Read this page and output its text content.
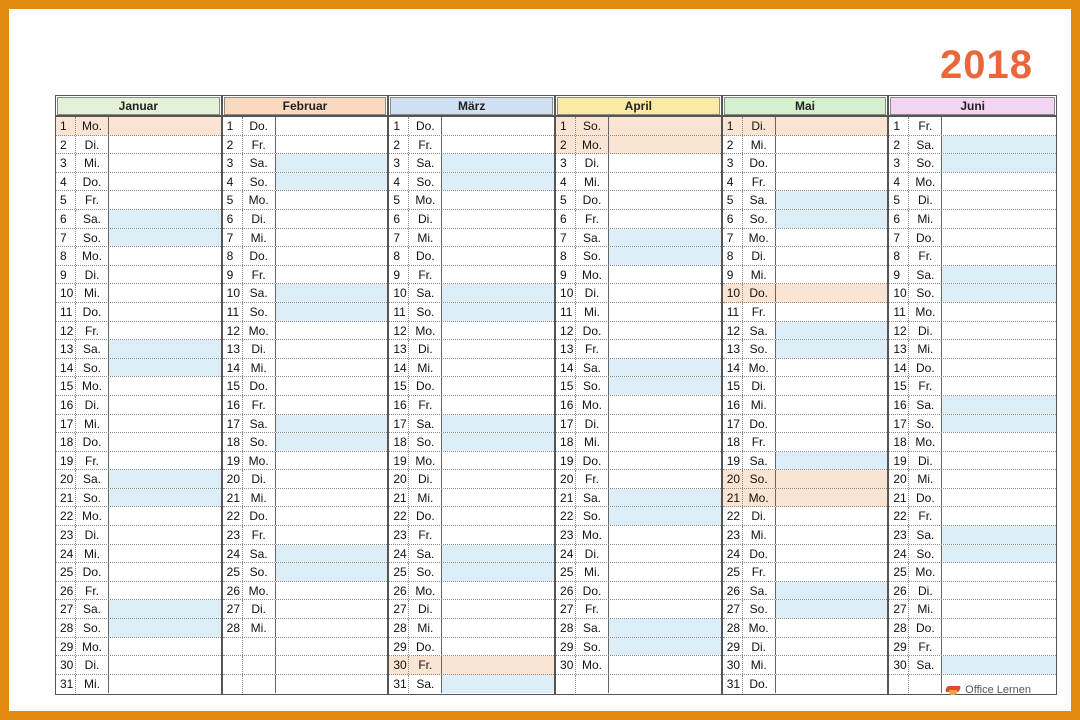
2018
Januar
1	Mo.
2	Di.
3	Mi.
4	Do.
5	Fr.
6	Sa.
7	So.
8	Mo.
9	Di.
10 Mi.
11 Do.
12 Fr.
13 Sa.
14 So.
15 Mo.
16 Di.
17 Mi.
18 Do.
19 Fr.
20 Sa.
21 So.
22 Mo.
23 Di.
24 Mi.
25 Do.
26 Fr.
27 Sa.
28 So.
29 Mo.
30 Di.
31 Mi.
Februar
1	Do.
2	Fr.
3	Sa.
4	So.
5	Mo.
6	Di.
7	Mi.
8	Do.
9	Fr.
10 Sa.
11 So.
12 Mo.
13 Di.
14 Mi.
15 Do.
16 Fr.
17 Sa.
18 So.
19 Mo.
20 Di.
21 Mi.
22 Do.
23 Fr.
24 Sa.
25 So.
26 Mo.
27 Di.
28 Mi.
März
1	Do.
2	Fr.
3	Sa.
4	So.
5	Mo.
6	Di.
7	Mi.
8	Do.
9	Fr.
10 Sa.
11 So.
12 Mo.
13 Di.
14 Mi.
15 Do.
16 Fr.
17 Sa.
18 So.
19 Mo.
20 Di.
21 Mi.
22 Do.
23 Fr.
24 Sa.
25 So.
26 Mo.
27 Di.
28 Mi.
29 Do.
30 Fr.
31 Sa.
April
1	So.
2	Mo.
3	Di.
4	Mi.
5	Do.
6	Fr.
7	Sa.
8	So.
9	Mo.
10 Di.
11 Mi.
12 Do.
13 Fr.
14 Sa.
15 So.
16 Mo.
17 Di.
18 Mi.
19 Do.
20 Fr.
21 Sa.
22 So.
23 Mo.
24 Di.
25 Mi.
26 Do.
27 Fr.
28 Sa.
29 So.
30 Mo.
Mai
1	Di.
2	Mi.
3	Do.
4	Fr.
5	Sa.
6	So.
7	Mo.
8	Di.
9	Mi.
10 Do.
11	Fr.
12 Sa.
13 So.
14 Mo.
15 Di.
16 Mi.
17 Do.
18 Fr.
19 Sa.
20 So.
21 Mo.
22 Di.
23 Mi.
24 Do.
25 Fr.
26 Sa.
27 So.
28 Mo.
29 Di.
30 Mi.
31 Do.
Juni
1	Fr.
2	Sa.
3	So.
4	Mo.
5	Di.
6	Mi.
7	Do.
8	Fr.
9	Sa.
10 So.
11 Mo.
12 Di.
13 Mi.
14 Do.
15 Fr.
16 Sa.
17 So.
18 Mo.
19 Di.
20 Mi.
21 Do.
22 Fr.
23 Sa.
24 So.
25 Mo.
26 Di.
27 Mi.
28 Do.
29 Fr.
30 Sa.
Office Lernen
